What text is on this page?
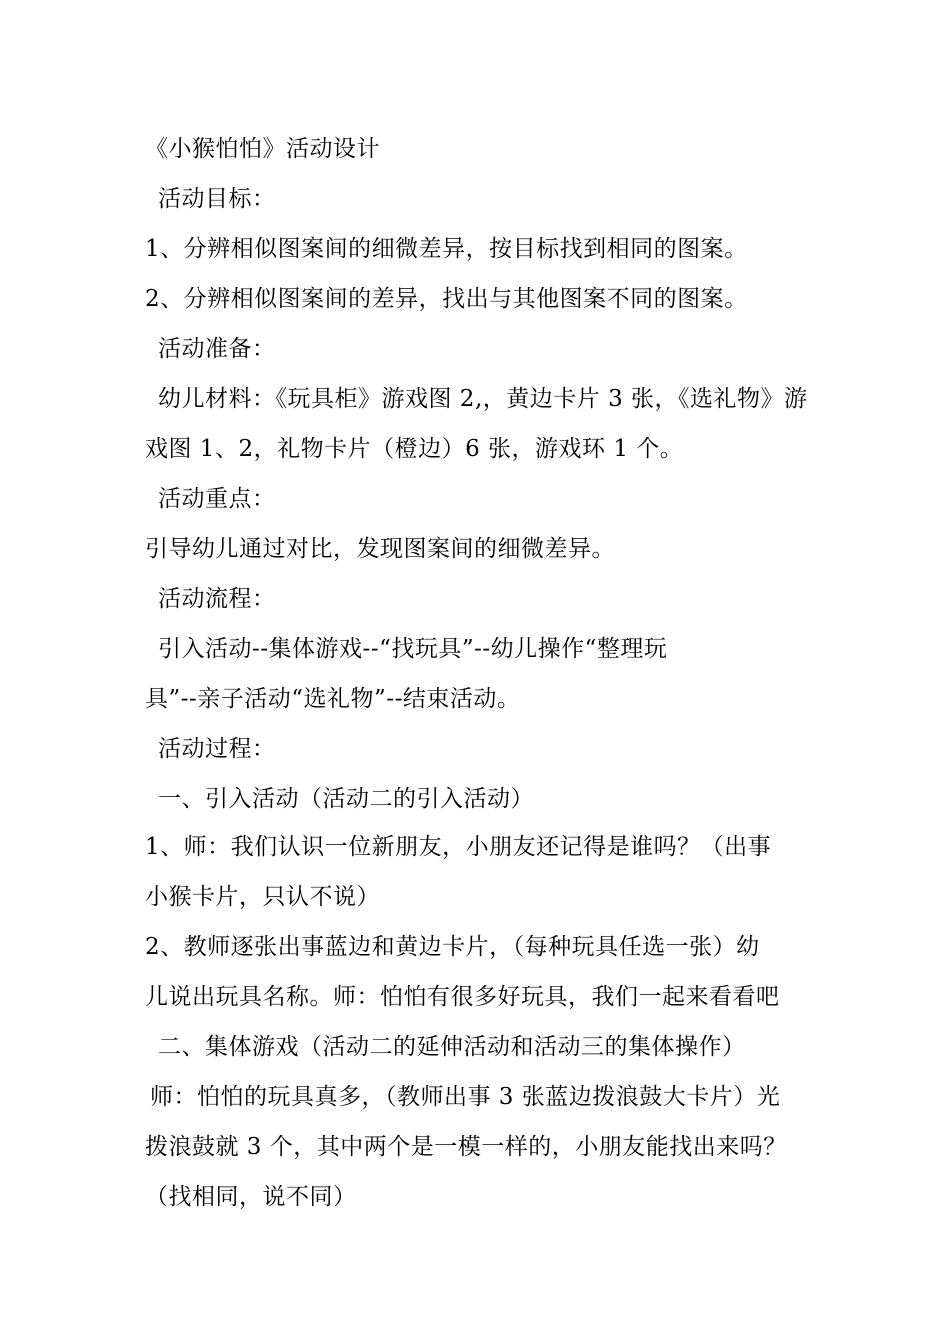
《小猴怕怕》活动设计
活动目标：
1、分辨相似图案间的细微差异，按目标找到相同的图案。
2、分辨相似图案间的差异，找出与其他图案不同的图案。
活动准备：
幼儿材料：《玩具柜》游戏图 2,，黄边卡片 3 张，《选礼物》游
戏图 1、2，礼物卡片（橙边）6 张，游戏环 1 个。
活动重点：
引导幼儿通过对比，发现图案间的细微差异。
活动流程：
引入活动--集体游戏--“找玩具”--幼儿操作“整理玩
具”--亲子活动“选礼物”--结束活动。
活动过程：
一、引入活动（活动二的引入活动）
1、师：我们认识一位新朋友，小朋友还记得是谁吗？（出事
小猴卡片，只认不说）
2、教师逐张出事蓝边和黄边卡片，（每种玩具任选一张）幼
儿说出玩具名称。师：怕怕有很多好玩具，我们一起来看看吧
二、集体游戏（活动二的延伸活动和活动三的集体操作）
师：怕怕的玩具真多，（教师出事 3 张蓝边拨浪鼓大卡片）光
拨浪鼓就 3 个，其中两个是一模一样的，小朋友能找出来吗？
（找相同，说不同）
